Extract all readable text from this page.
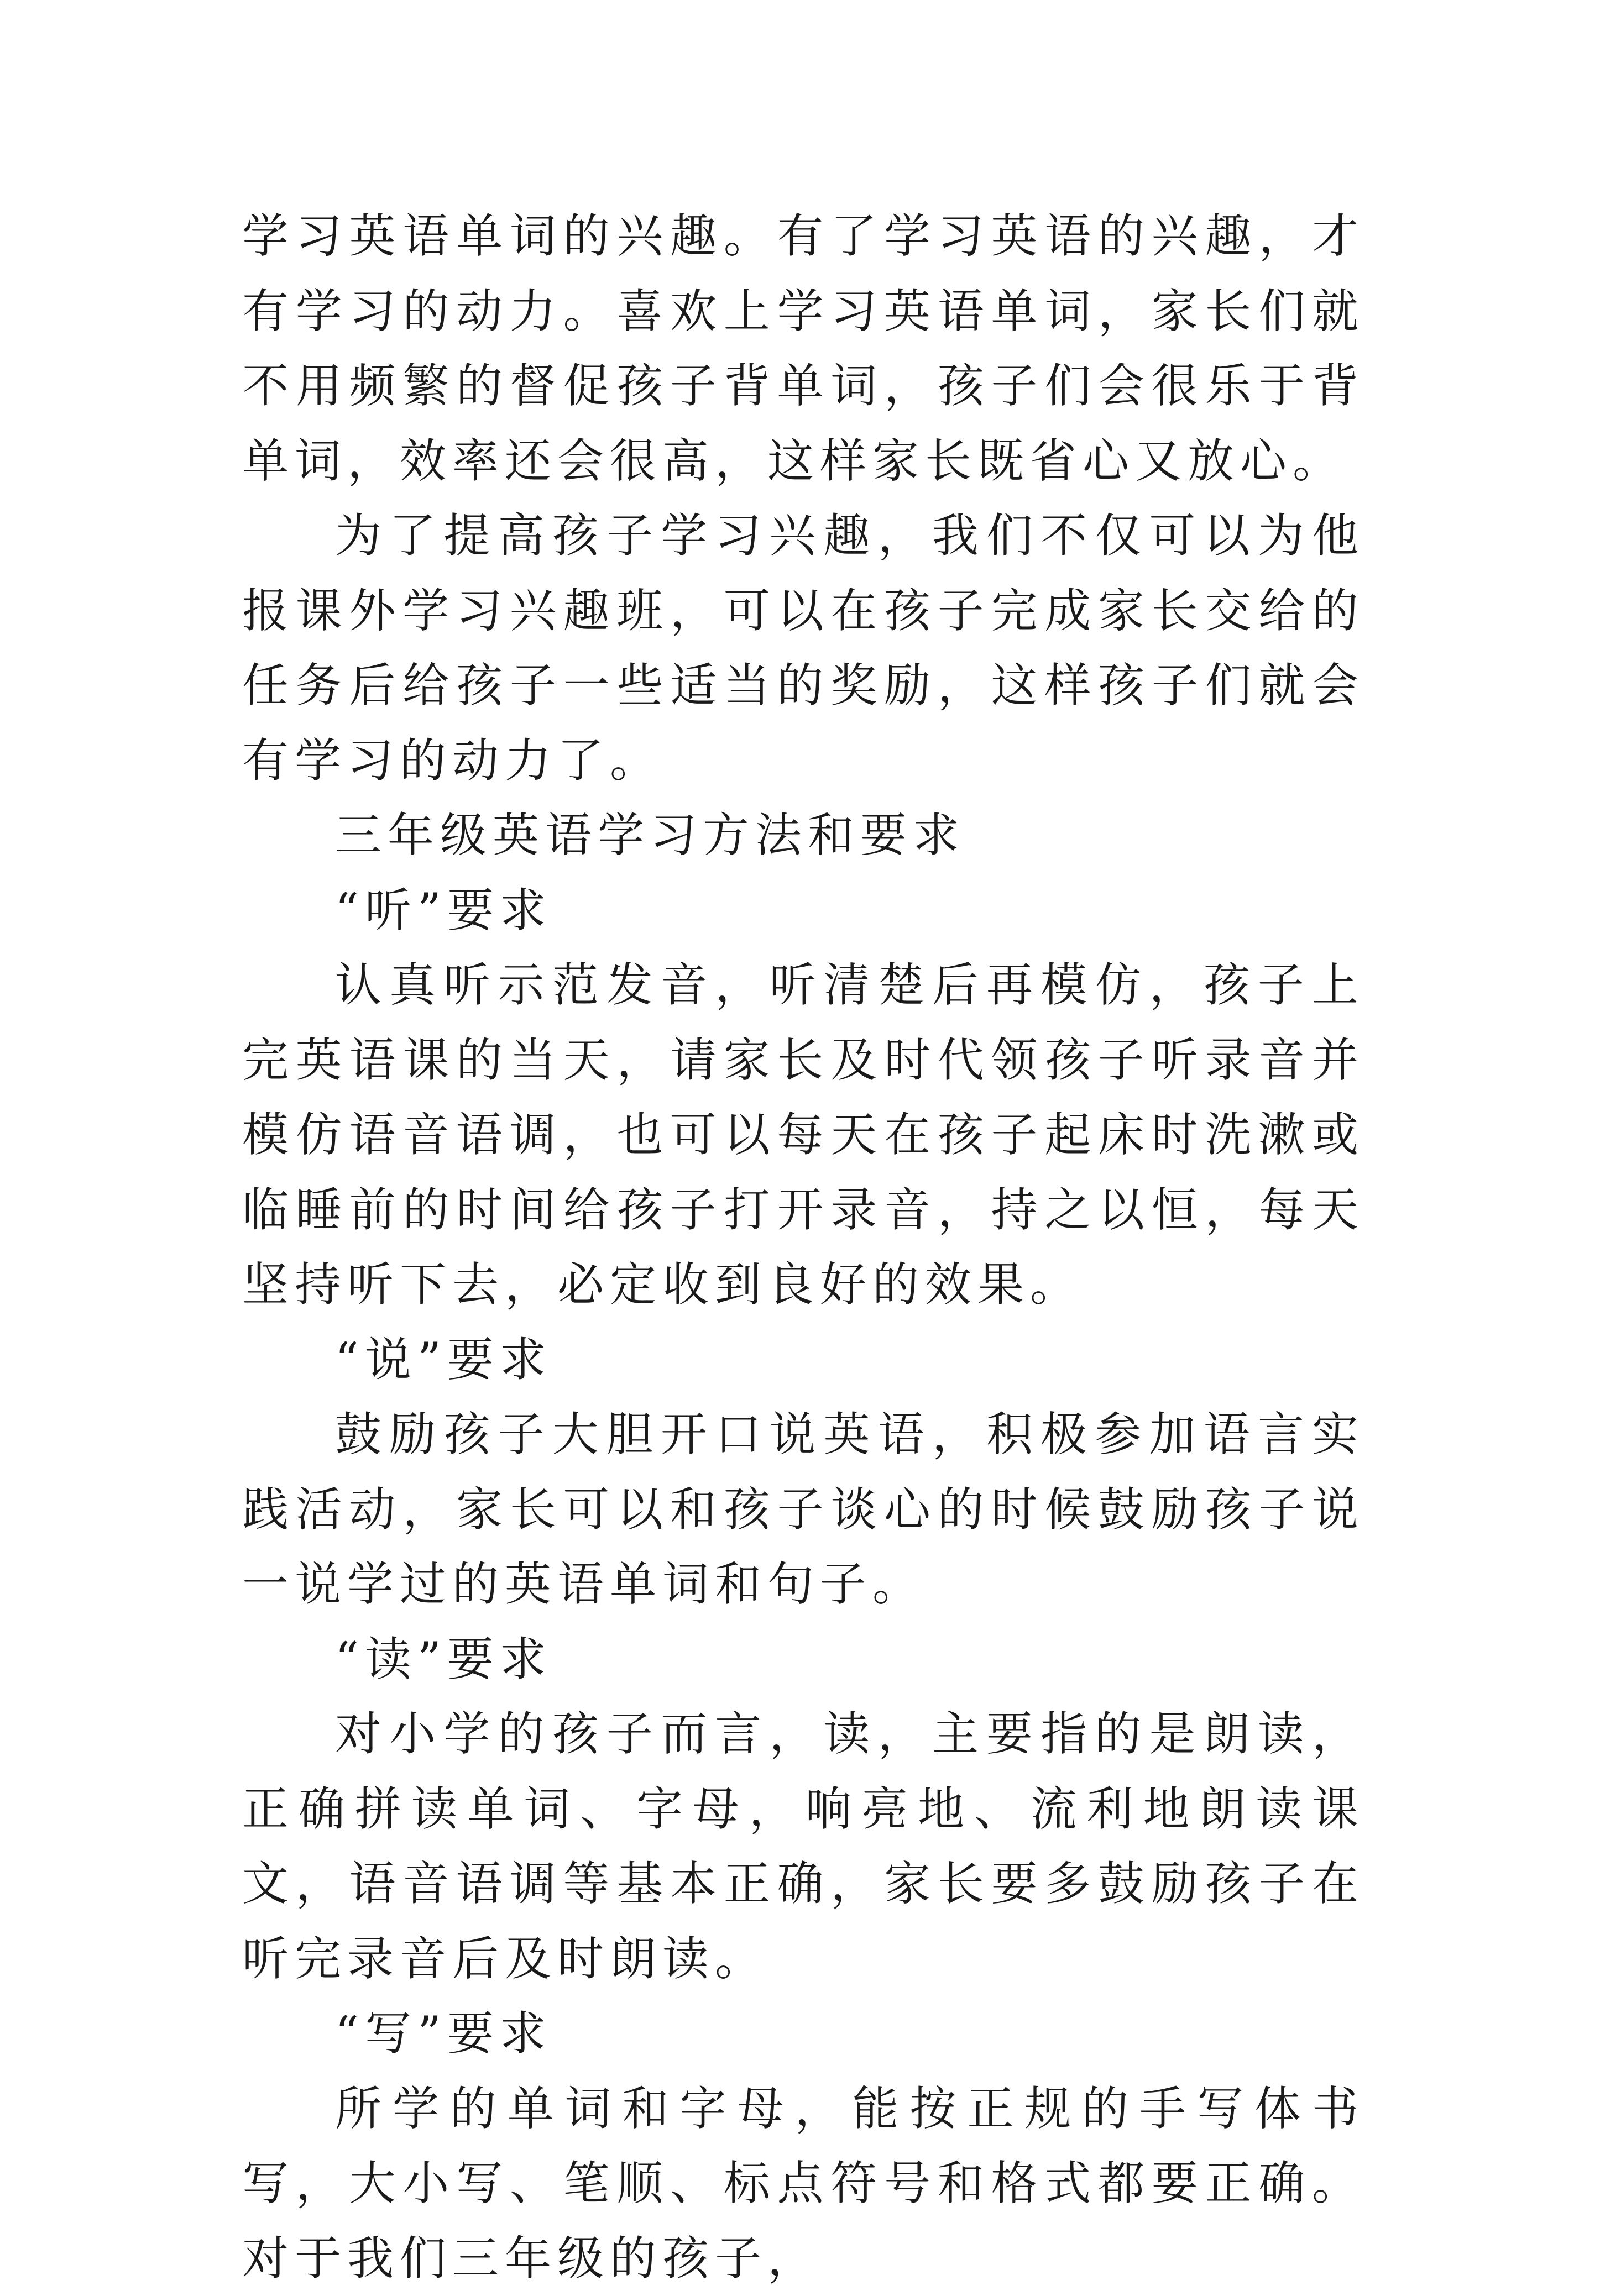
学习英语单词的兴趣。有了学习英语的兴趣，才有学习的动力。喜欢上学习英语单词，家长们就不用频繁的督促孩子背单词，孩子们会很乐于背单词，效率还会很高，这样家长既省心又放心。

为了提高孩子学习兴趣，我们不仅可以为他报课外学习兴趣班，可以在孩子完成家长交给的任务后给孩子一些适当的奖励，这样孩子们就会有学习的动力了。

三年级英语学习方法和要求

“听”要求

认真听示范发音，听清楚后再模仿，孩子上完英语课的当天，请家长及时代领孩子听录音并模仿语音语调，也可以每天在孩子起床时洗漱或临睡前的时间给孩子打开录音，持之以恒，每天坚持听下去，必定收到良好的效果。

“说”要求

鼓励孩子大胆开口说英语，积极参加语言实践活动，家长可以和孩子谈心的时候鼓励孩子说一说学过的英语单词和句子。

“读”要求

对小学的孩子而言，读，主要指的是朗读，正确拼读单词、字母，响亮地、流利地朗读课文，语音语调等基本正确，家长要多鼓励孩子在听完录音后及时朗读。

“写”要求

所学的单词和字母，能按正规的手写体书写，大小写、笔顺、标点符号和格式都要正确。对于我们三年级的孩子，
